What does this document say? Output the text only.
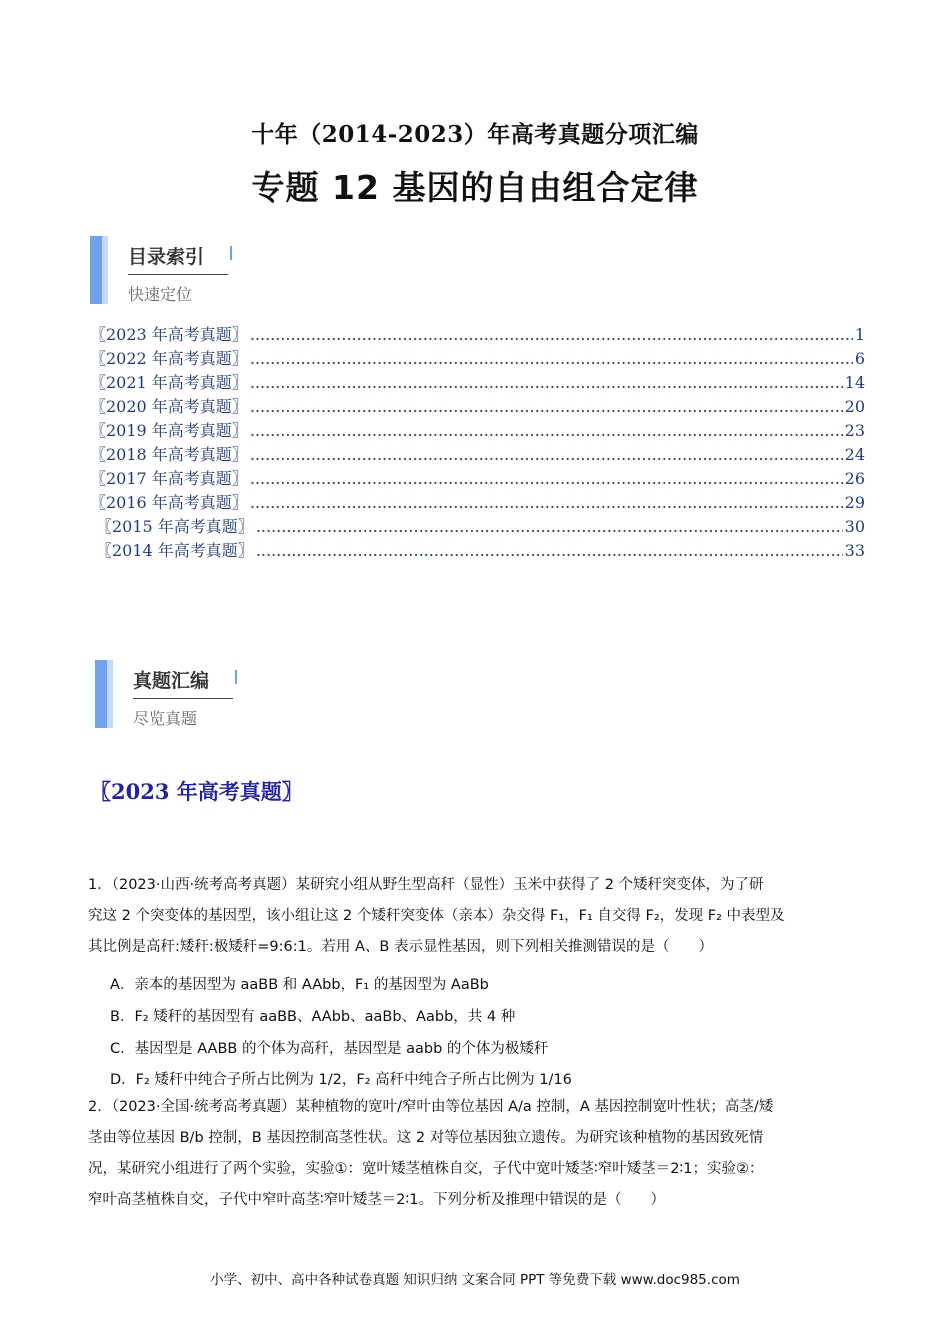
十年（2014-2023）年高考真题分项汇编
专题 12 基因的自由组合定律
目录索引
快速定位
〖2023 年高考真题〗 .....	1
〖2022 年高考真题〗 .....	6
〖2021 年高考真题〗 .....	14
〖2020 年高考真题〗 .....	20
〖2019 年高考真题〗 .....	23
〖2018 年高考真题〗 .....	24
〖2017 年高考真题〗 .....	26
〖2016 年高考真题〗 .....	29
〖2015 年高考真题〗 .....	30
〖2014 年高考真题〗 .....	33
真题汇编
尽览真题
〖2023 年高考真题〗

1．（2023·山西·统考高考真题）某研究小组从野生型高秆（显性）玉米中获得了 2 个矮秆突变体，为了研

究这 2 个突变体的基因型，该小组让这 2 个矮秆突变体（亲本）杂交得 F₁，F₁ 自交得 F₂，发现 F₂ 中表型及

其比例是高秆:矮秆:极矮秆=9:6:1。若用 A、B 表示显性基因，则下列相关推测错误的是（　　）

A．亲本的基因型为 aaBB 和 AAbb，F₁ 的基因型为 AaBb
B．F₂ 矮秆的基因型有 aaBB、AAbb、aaBb、Aabb，共 4 种
C．基因型是 AABB 的个体为高秆，基因型是 aabb 的个体为极矮秆
D．F₂ 矮秆中纯合子所占比例为 1/2，F₂ 高秆中纯合子所占比例为 1/16

2．（2023·全国·统考高考真题）某种植物的宽叶/窄叶由等位基因 A/a 控制，A 基因控制宽叶性状；高茎/矮

茎由等位基因 B/b 控制，B 基因控制高茎性状。这 2 对等位基因独立遗传。为研究该种植物的基因致死情

况，某研究小组进行了两个实验，实验①：宽叶矮茎植株自交，子代中宽叶矮茎∶窄叶矮茎＝2∶1；实验②：

窄叶高茎植株自交，子代中窄叶高茎∶窄叶矮茎＝2∶1。下列分析及推理中错误的是（　　）

小学、初中、高中各种试卷真题 知识归纳 文案合同 PPT 等免费下载 www.doc985.com
